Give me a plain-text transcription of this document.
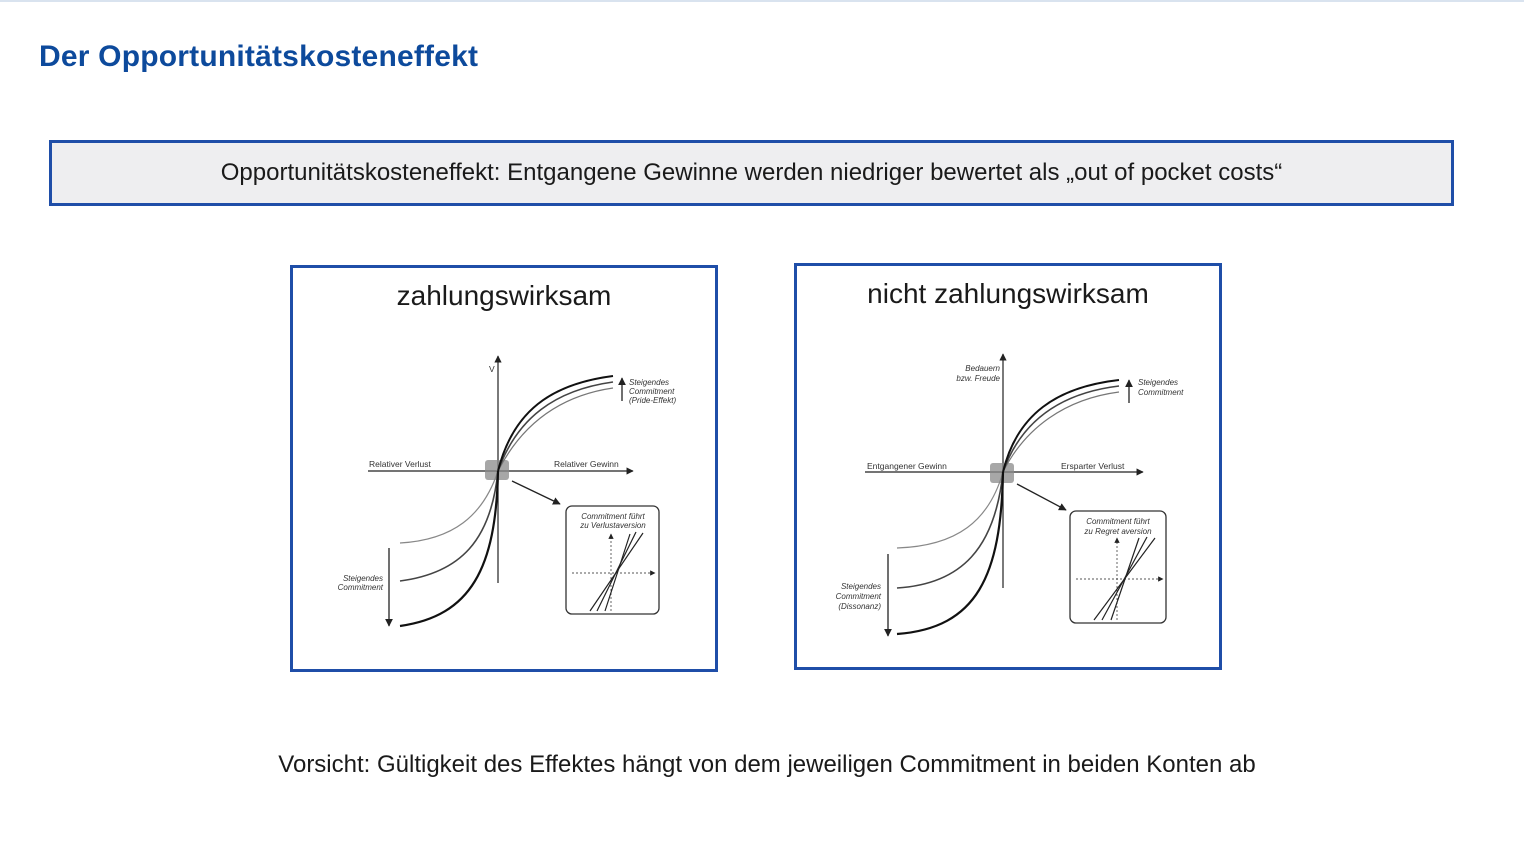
Der Opportunitätskosteneffekt
Opportunitätskosteneffekt: Entgangene Gewinne werden niedriger bewertet als „out of pocket costs“
zahlungswirksam
V
Relativer Verlust	Relativer Gewinn
Steigendes
Commitment
(Pride-Effekt)
Steigendes
Commitment
Commitment führt
zu Verlustaversion
nicht zahlungswirksam
Bedauern
bzw. Freude
Entgangener Gewinn	Ersparter Verlust
Steigendes
Commitment
Steigendes
Commitment
(Dissonanz)
Commitment führt
zu Regret aversion
Vorsicht: Gültigkeit des Effektes hängt von dem jeweiligen Commitment in beiden Konten ab
